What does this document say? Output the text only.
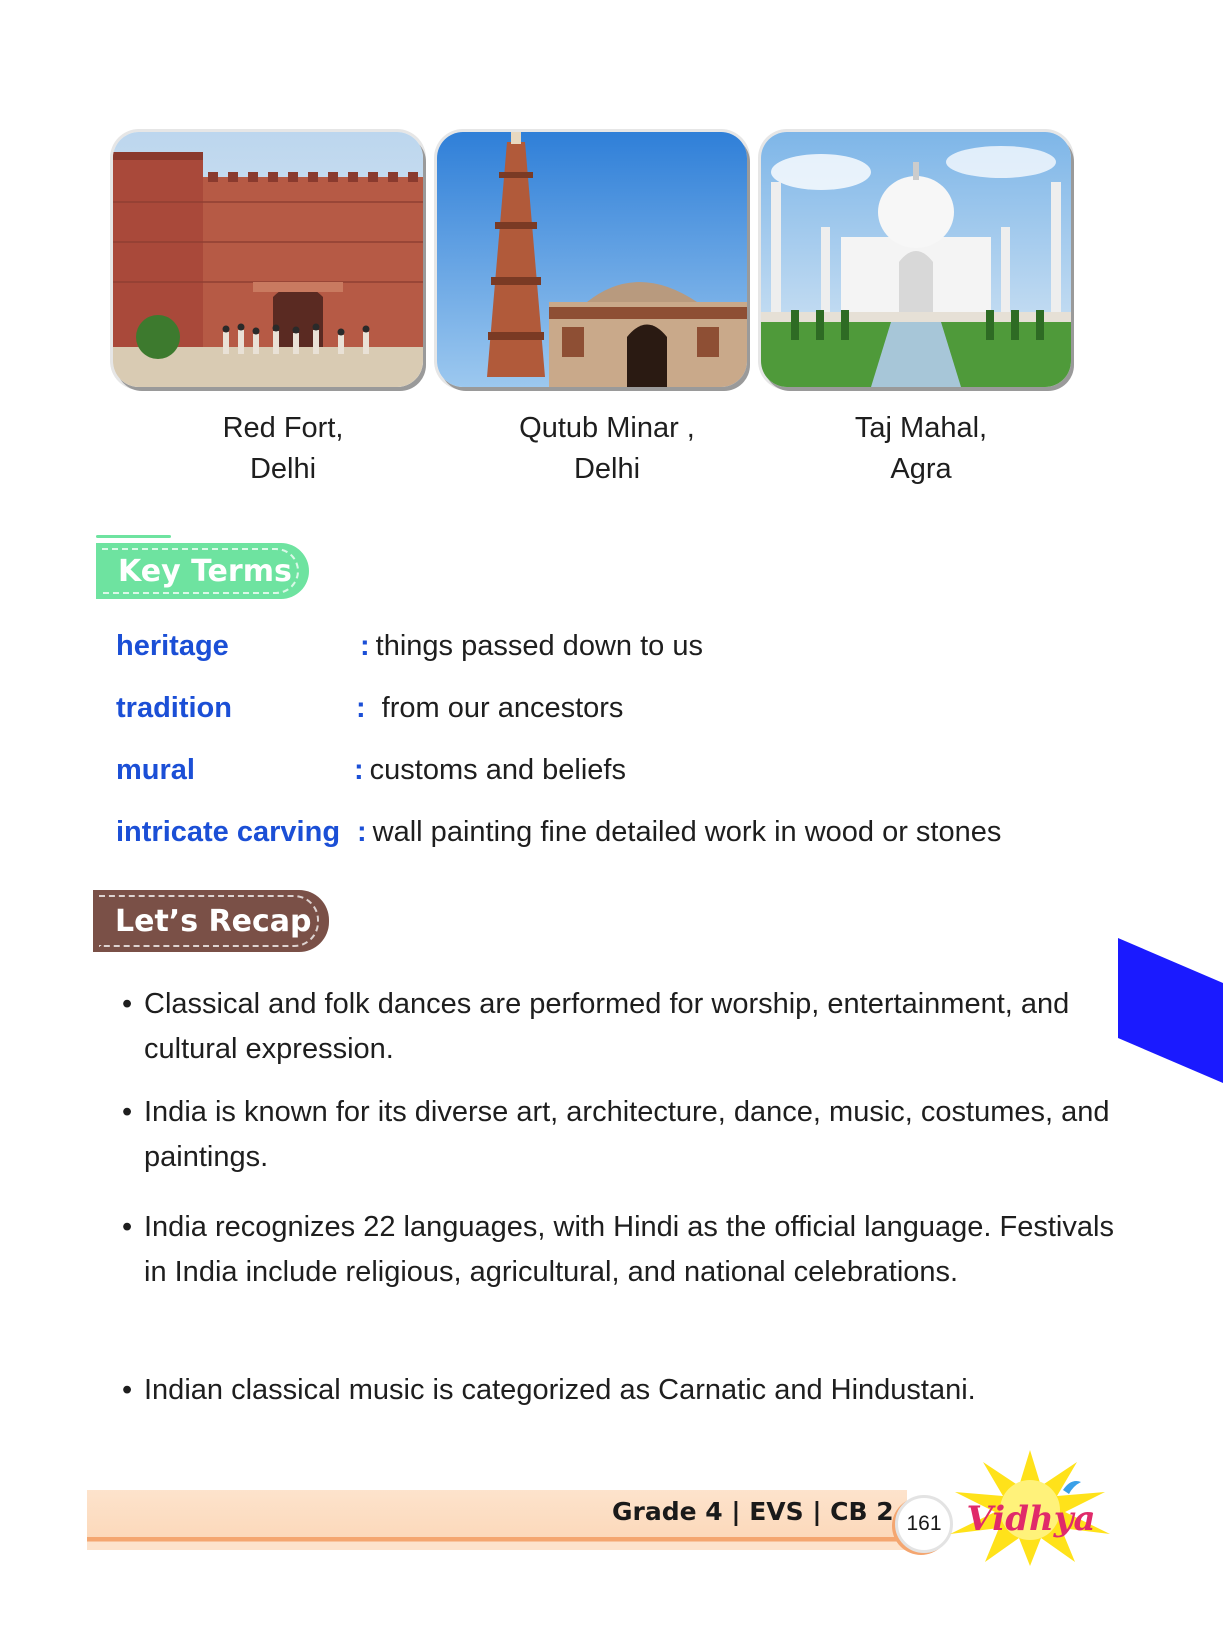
Red Fort,
Delhi
Qutub Minar ,
Delhi
Taj Mahal,
Agra
Key Terms
heritage	: things passed down to us
tradition	: from our ancestors
mural	: customs and beliefs
intricate carving : wall painting fine detailed work in wood or stones
Let’s Recap
• Classical and folk dances are performed for worship, entertainment, and cultural expression.
• India is known for its diverse art, architecture, dance, music, costumes, and paintings.
• India recognizes 22 languages, with Hindi as the official language. Festivals in India include religious, agricultural, and national celebrations.
• Indian classical music is categorized as Carnatic and Hindustani.
Grade 4 | EVS | CB 2 161 Vidhya
